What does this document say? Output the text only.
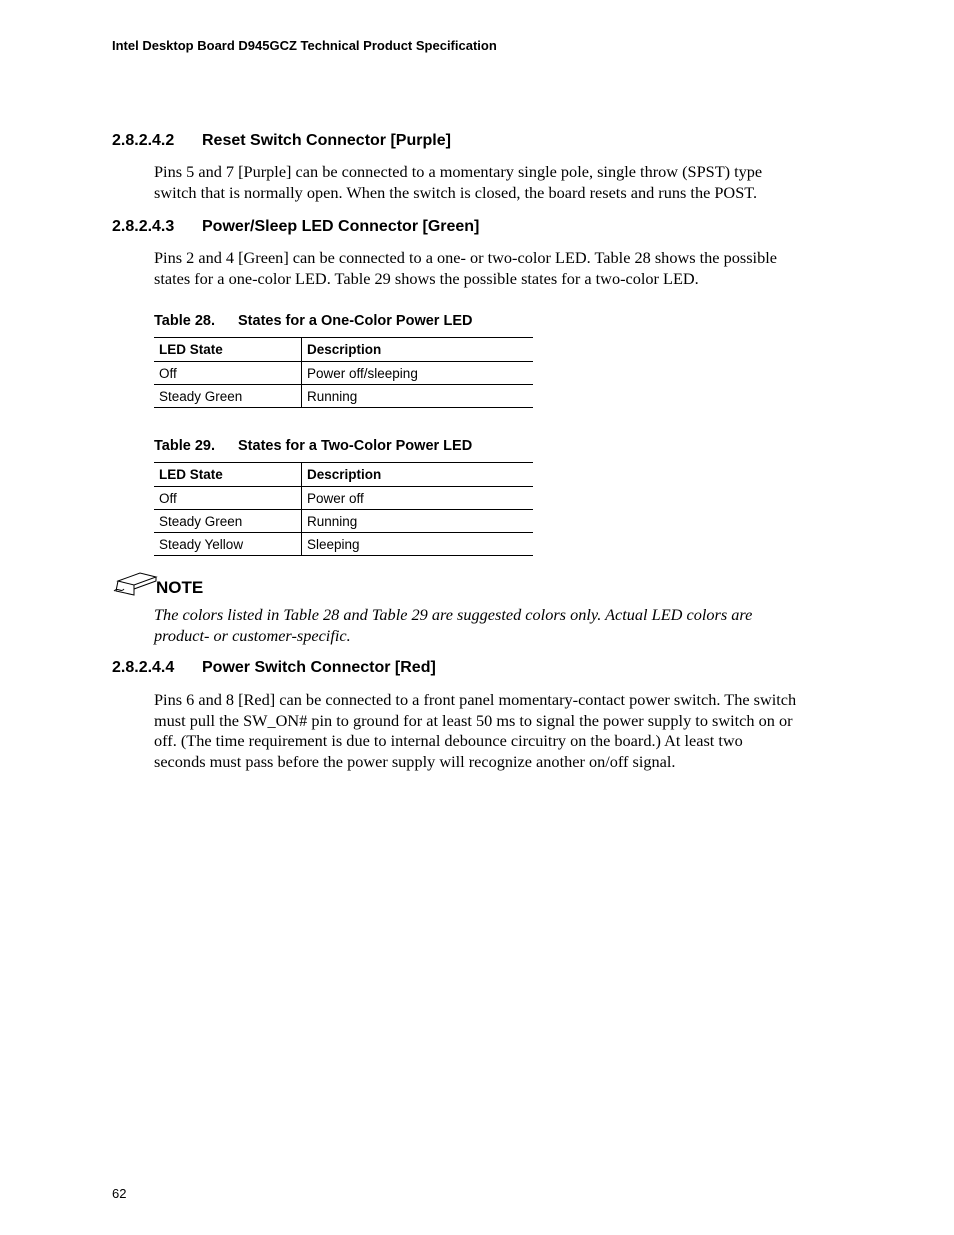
Intel Desktop Board D945GCZ Technical Product Specification
2.8.2.4.2 Reset Switch Connector [Purple]
Pins 5 and 7 [Purple] can be connected to a momentary single pole, single throw (SPST) type
switch that is normally open. When the switch is closed, the board resets and runs the POST.
2.8.2.4.3 Power/Sleep LED Connector [Green]
Pins 2 and 4 [Green] can be connected to a one- or two-color LED. Table 28 shows the possible
states for a one-color LED. Table 29 shows the possible states for a two-color LED.
Table 28. States for a One-Color Power LED
LED State	Description
Off	Power off/sleeping
Steady Green	Running
Table 29. States for a Two-Color Power LED
LED State	Description
Off	Power off
Steady Green	Running
Steady Yellow	Sleeping
NOTE
The colors listed in Table 28 and Table 29 are suggested colors only. Actual LED colors are
product- or customer-specific.
2.8.2.4.4 Power Switch Connector [Red]
Pins 6 and 8 [Red] can be connected to a front panel momentary-contact power switch. The switch
must pull the SW_ON# pin to ground for at least 50 ms to signal the power supply to switch on or
off. (The time requirement is due to internal debounce circuitry on the board.) At least two
seconds must pass before the power supply will recognize another on/off signal.
62
